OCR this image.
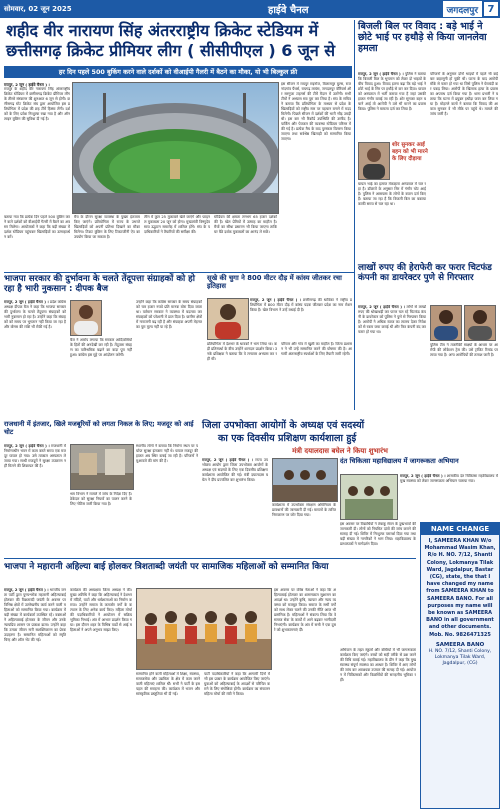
सोमवार, 02 जून 2025	हाईवे चैनल	जगदलपुर 7
शहीद वीर नारायण सिंह अंतरराष्ट्रीय क्रिकेट स्टेडियम में
छत्तीसगढ़ क्रिकेट प्रीमियर लीग ( सीसीपीएल ) 6 जून से
हर दिन पहले 500 बुकिंग करने वाले दर्शकों को वीआईपी गैलरी में बैठने का मौका, यो भी बिल्कुल फ्री
रायपुर, 2 जून ( हाईवे चैनल ) ।
रायपुर के शहीद वीर नारायण सिंह अंतरराष्ट्रीय क्रिकेट स्टेडियम में छत्तीसगढ़ क्रिकेट प्रीमियर लीग के तीसरे संस्करण की शुरुआत 6 जून से होगी। छत्तीसगढ़ स्टेट क्रिकेट संघ द्वारा आयोजित इस प्रतियोगिता में प्रदेश की छह टीमें हिस्सा लेंगी। दर्शकों के लिए प्रवेश निःशुल्क रखा गया है और ऑनलाइन बुकिंग की सुविधा दी गई है।
बताया गया कि प्रत्येक दिन पहले 500 बुकिंग करने वाले दर्शकों को वीआईपी गैलरी में बैठने का अवसर मिलेगा। आयोजकों ने कहा कि बड़ी संख्या में दर्शक स्टेडियम पहुंचकर खिलाड़ियों का उत्साहवर्धन करें।
मैच के दौरान सुरक्षा व्यवस्था के पुख्ता इंतजाम किए जाएंगे। प्रतियोगिता में राज्य के उभरते खिलाड़ियों को अपनी प्रतिभा दिखाने का मौका मिलेगा। टिकट बुकिंग के लिए टिकटजीनी ऐप का उपयोग किया जा सकता है।
लीग में कुल 25 मुकाबले खेले जाएंगे और फाइनल मुकाबला 20 जून को होगा। मुख्यमंत्री विष्णुदेव साय उद्घाटन समारोह में शामिल होंगे। संघ के पदाधिकारियों ने तैयारियों की समीक्षा की।
स्टेडियम की क्षमता लगभग 65 हजार दर्शकों की है। खेल प्रेमियों में उत्साह का माहौल है। मैचों का सीधा प्रसारण भी किया जाएगा ताकि घर बैठे दर्शक मुकाबलों का आनंद ले सकें।
इस सीजन में रायपुर राइनोज, बिलासपुर बुल्स, राजनांदगांव पैंथर्स, रायगढ़ लायंस, जगदलपुर वॉरियर्स और सरगुजा टाइगर्स की टीमें मैदान में उतरेंगी। सभी टीमों ने अभ्यास सत्र पूरा कर लिया है। संघ के सचिव ने बताया कि प्रतियोगिता के माध्यम से प्रदेश के खिलाड़ियों को राष्ट्रीय स्तर पर पहचान बनाने में मदद मिलेगी। पिछले सीजन में दर्शकों की भारी भीड़ उमड़ी थी। इस बार भी रिकॉर्ड उपस्थिति की उम्मीद है। पार्किंग और पेयजल की व्यवस्था स्टेडियम परिसर में की गई है। प्रत्येक मैच के बाद पुरस्कार वितरण किया जाएगा तथा सर्वश्रेष्ठ खिलाड़ी को सम्मानित किया जाएगा।
बिजली बिल पर विवाद : बड़े भाई ने छोटे भाई पर हथौड़े से किया जानलेवा हमला
रायपुर, 2 जून ( हाईवे चैनल ) । पुलिस ने बताया कि बिजली बिल के भुगतान को लेकर दो भाइयों के बीच विवाद हुआ। विवाद इतना बढ़ा कि बड़े भाई ने छोटे भाई के सिर पर हथौड़े से वार कर दिया। घायल को अस्पताल में भर्ती कराया गया है जहां उसकी हालत गंभीर बताई जा रही है। शोर सुनकर बहन बचाने आई तो आरोपी ने उसे भी मारने का प्रयास किया। पुलिस ने मामला दर्ज कर लिया है।
परिजनों के अनुसार दोनों भाइयों में पहले भी कई बार कहासुनी हो चुकी थी। घटना के बाद आरोपी मौके से फरार हो गया था जिसे पुलिस ने घेराबंदी कर पकड़ लिया। आरोपी के खिलाफ हत्या के प्रयास का अपराध दर्ज किया गया है। थाना प्रभारी ने बताया कि घटना में प्रयुक्त हथौड़ा जब्त कर लिया गया है। मोहल्ले वालों ने बताया कि विवाद की आवाज सुनकर वे भी मौके पर पहुंचे थे। मामले की जांच जारी है।
शोर सुनकर आई बहन को भी मारने के लिए दौड़ाया
घायल भाई का इलाज मेकाहारा अस्पताल में चल रहा है। डॉक्टरों के अनुसार सिर में गंभीर चोट आई है। पुलिस ने आसपास के लोगों के बयान दर्ज किए हैं। बताया जा रहा है कि बिजली बिल का बकाया काफी समय से चल रहा था।
भाजपा सरकार की दुर्भावना के चलते तेंदूपत्ता संग्राहकों को हो रहा है भारी नुकसान : दीपक बैज
रायपुर, 2 जून ( हाईवे चैनल ) । प्रदेश कांग्रेस अध्यक्ष दीपक बैज ने कहा कि भाजपा सरकार की दुर्भावना के चलते तेंदूपत्ता संग्राहकों को भारी नुकसान हो रहा है। उन्होंने कहा कि संग्राहकों को समय पर भुगतान नहीं किया जा रहा है और बोनस की राशि भी रोकी गई है।
बैज ने आरोप लगाया कि सरकार आदिवासियों के हितों की अनदेखी कर रही है। तेंदूपत्ता संग्रहण का पारिश्रमिक बढ़ाने का वादा पूरा नहीं हुआ। कांग्रेस इस मुद्दे पर आंदोलन करेगी।
उन्होंने कहा कि कांग्रेस सरकार के समय संग्राहकों को चार हजार रुपये प्रति मानक बोरा दिया जाता था। वर्तमान सरकार ने व्यवस्था में बदलाव कर संग्राहकों को परेशानी में डाल दिया है। ग्रामीण क्षेत्रों में नाराजगी बढ़ रही है और संग्राहक अपनी मेहनत का पूरा मूल्य नहीं पा रहे हैं।
सूखे की चुगा ने 800 मीटर दौड़ में कांस्य जीतकर रचा इतिहास
रायपुर, 2 जून ( हाईवे चैनल ) । छत्तीसगढ़ की धाविका ने राष्ट्रीय प्रतियोगिता में 800 मीटर दौड़ में कांस्य पदक जीतकर प्रदेश का नाम रोशन किया है। खेल विभाग ने उन्हें बधाई दी है।
प्रतियोगिता में देशभर के धावकों ने भाग लिया था। कड़ी प्रतिस्पर्धा के बीच उन्होंने शानदार प्रदर्शन किया। उनके प्रशिक्षक ने बताया कि वे लगातार अभ्यास कर रही थीं।
परिवार और गांव में खुशी का माहौल है। जिला प्रशासन ने भी उन्हें सम्मानित करने की घोषणा की है। आगामी अंतरराष्ट्रीय स्पर्धाओं के लिए तैयारी जारी रहेगी।
लाखों रुपए की हेराफेरी कर फरार चिटफंड कंपनी का डायरेक्टर पुणे से गिरफ्तार
रायपुर, 2 जून ( हाईवे चैनल ) । लोगों से लाखों रुपए की धोखाधड़ी कर फरार चल रहे चिटफंड कंपनी के डायरेक्टर को पुलिस ने पुणे से गिरफ्तार किया है। आरोपी ने अधिक ब्याज का लालच देकर निवेशकों से रकम जमा कराई थी और फिर कंपनी बंद कर फरार हो गया था।
पुलिस टीम ने तकनीकी साक्ष्यों के आधार पर आरोपी की लोकेशन ट्रेस की। उसे ट्रांजिट रिमांड पर लाया गया है। अन्य आरोपियों की तलाश जारी है।
राजधानी में इंतजार, खिले मजबूरियों को लगता निकल के लिए; मजदूर को आई चोट
रायपुर, 2 जून ( हाईवे चैनल ) । राजधानी में निर्माणाधीन भवन में काम करते समय एक मजदूर घायल हो गया। उसे तत्काल अस्पताल ले जाया गया। साथी मजदूरों ने सुरक्षा उपकरण नहीं मिलने की शिकायत की है।
श्रम विभाग ने मामले में जांच के निर्देश दिए हैं। ठेकेदार को सुरक्षा नियमों का पालन करने के लिए नोटिस जारी किया गया है।
स्थानीय लोगों ने बताया कि निर्माण स्थल पर पर्याप्त सुरक्षा इंतजाम नहीं थे। घायल मजदूर की हालत अब स्थिर बताई जा रही है। परिजनों ने मुआवजे की मांग की है।
जिला उपभोक्ता आयोगों के अध्यक्ष एवं सदस्यों
का एक दिवसीय प्रशिक्षण कार्यशाला हुई
मंत्री दयालदास बघेल ने किया शुभारंभ
रायपुर, 2 जून ( हाईवे चैनल ) । राज्य उपभोक्ता आयोग द्वारा जिला उपभोक्ता आयोगों के अध्यक्ष एवं सदस्यों के लिए एक दिवसीय प्रशिक्षण कार्यशाला आयोजित की गई। मंत्री दयालदास बघेल ने दीप प्रज्वलित कर शुभारंभ किया।
कार्यशाला में उपभोक्ता संरक्षण अधिनियम के प्रावधानों की जानकारी दी गई। मामलों के त्वरित निराकरण पर जोर दिया गया।
दंत चिकित्सा महाविद्यालय में जागरूकता अभियान
रायपुर, 2 जून ( हाईवे चैनल ) । शासकीय दंत चिकित्सा महाविद्यालय में मुख स्वास्थ्य को लेकर जागरूकता अभियान चलाया गया।
इस अवसर पर विद्यार्थियों ने तंबाकू सेवन के दुष्प्रभावों की जानकारी दी। लोगों को नियमित दांतों की जांच कराने की सलाह दी गई। शिविर में निःशुल्क परामर्श दिया गया तथा बड़ी संख्या में नागरिकों ने भाग लिया। महाविद्यालय के प्राध्यापकों ने मार्गदर्शन दिया।
NAME CHANGE
I, SAMEERA KHAN W/o Mohammad Wasim Khan, R/o H. NO. 7/12, Shanti Colony, Lokmanya Tilak Ward, Jagdalpur, Bastar (CG), state, the that I have changed my name from SAMEERA KHAN to SAMEERA BANO. For all purposes my name will be known as SAMEERA BANO in all government and other documents. Mob. No. 9826471325
SAMEERA BANO
H. NO. 7/12, Shanti Colony, Lokmanya Tilak Ward, Jagdalpur, (CG)
भाजपा ने महारानी अहिल्या बाई होलकर त्रिशताब्दी जयंती पर सामाजिक महिलाओं को सम्मानित किया
रायपुर, 2 जून ( हाईवे चैनल ) । भारतीय जनता पार्टी द्वारा पुण्यश्लोक महारानी अहिल्याबाई होलकर की त्रिशताब्दी जयंती के अवसर पर विभिन्न क्षेत्रों में उल्लेखनीय कार्य करने वाली महिलाओं को सम्मानित किया गया। कार्यक्रम में बड़ी संख्या में कार्यकर्ता उपस्थित रहे। वक्ताओं ने अहिल्याबाई होलकर के जीवन और उनके न्यायप्रिय शासन पर प्रकाश डाला। उन्होंने कहा कि उनका जीवन नारी सशक्तिकरण का प्रेरक उदाहरण है। सम्मानित महिलाओं को स्मृति चिन्ह और शॉल भेंट की गई।
कार्यक्रम की अध्यक्षता जिला अध्यक्ष ने की। मुख्य अतिथि ने कहा कि अहिल्याबाई ने देशभर में मंदिरों, घाटों और धर्मशालाओं का निर्माण कराया। उन्होंने समाज के कमजोर वर्गों के कल्याण के लिए अनेक कार्य किए। महिला मोर्चा की पदाधिकारियों ने आयोजन में सक्रिय भूमिका निभाई। अंत में आभार प्रदर्शन किया गया। इस दौरान शहर के विभिन्न वार्डों से आई महिलाओं ने अपने अनुभव साझा किए।
सम्मानित होने वाली महिलाओं में शिक्षा, स्वास्थ्य, समाजसेवा और उद्यमिता के क्षेत्र में काम करने वाली महिलाएं शामिल थीं। सभी ने पार्टी के इस पहल की सराहना की। कार्यक्रम में भजन और सांस्कृतिक प्रस्तुतियां भी दी गईं।
पार्टी पदाधिकारियों ने कहा कि आगामी दिनों में भी इस प्रकार के कार्यक्रम आयोजित किए जाएंगे। युवाओं को अहिल्याबाई के आदर्शों से परिचित कराने के लिए संगोष्ठियां होंगी। कार्यक्रम का संचालन महिला मोर्चा की मंत्री ने किया।
इस अवसर पर वरिष्ठ नेताओं ने कहा कि अहिल्याबाई होलकर का शासनकाल सुशासन का आदर्श था। उन्होंने कृषि, व्यापार और न्याय व्यवस्था को मजबूत किया। समाज के सभी वर्गों को साथ लेकर चलने की उनकी नीति आज भी प्रासंगिक है। महिलाओं ने संकल्प लिया कि वे समाज सेवा के कार्यों में आगे बढ़कर भागीदारी निभाएंगी। कार्यक्रम के अंत में सभी ने एक दूसरे को शुभकामनाएं दीं।
अभियान के तहत स्कूलों और बस्तियों में भी जागरूकता कार्यक्रम किए जाएंगे। बच्चों को सही तरीके से ब्रश करने की विधि बताई गई। महाविद्यालय के डीन ने कहा कि मुख स्वास्थ्य संपूर्ण स्वास्थ्य का आधार है। शिविर में आए लोगों की जांच कर आवश्यक उपचार की सलाह दी गई। आयोजन में चिकित्सकों और विद्यार्थियों की सराहनीय भूमिका रही।
